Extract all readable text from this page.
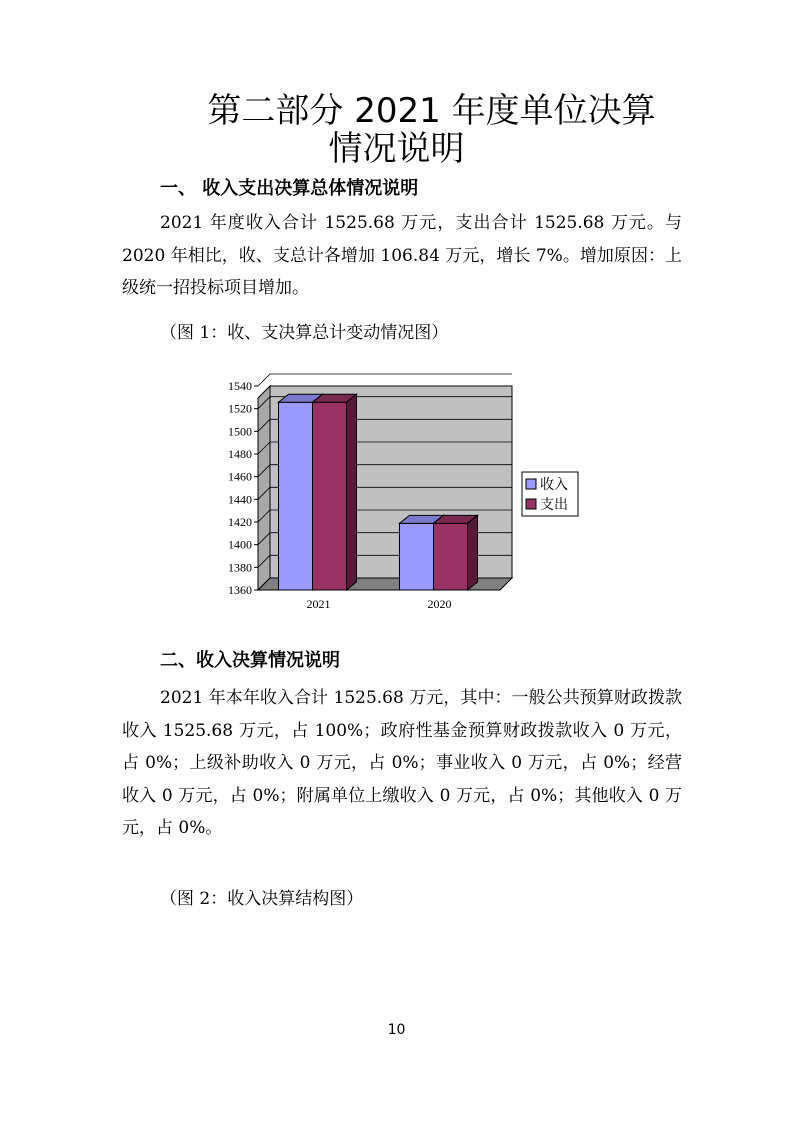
第二部分 2021 年度单位决算
情况说明
一、 收入支出决算总体情况说明

2021 年度收入合计 1525.68 万元，支出合计 1525.68 万元。与 2020 年相比，收、支总计各增加 106.84 万元，增长 7%。增加原因：上级统一招投标项目增加。

（图 1：收、支决算总计变动情况图）

1360
1380
1400
1420
1440
1460
1480
1500
1520
1540
2021	2020
收入
支出
二、收入决算情况说明

2021 年本年收入合计 1525.68 万元，其中：一般公共预算财政拨款收入 1525.68 万元，占 100%；政府性基金预算财政拨款收入 0 万元，占 0%；上级补助收入 0 万元，占 0%；事业收入 0 万元，占 0%；经营收入 0 万元，占 0%；附属单位上缴收入 0 万元，占 0%；其他收入 0 万元，占 0%。

（图 2：收入决算结构图）

10
